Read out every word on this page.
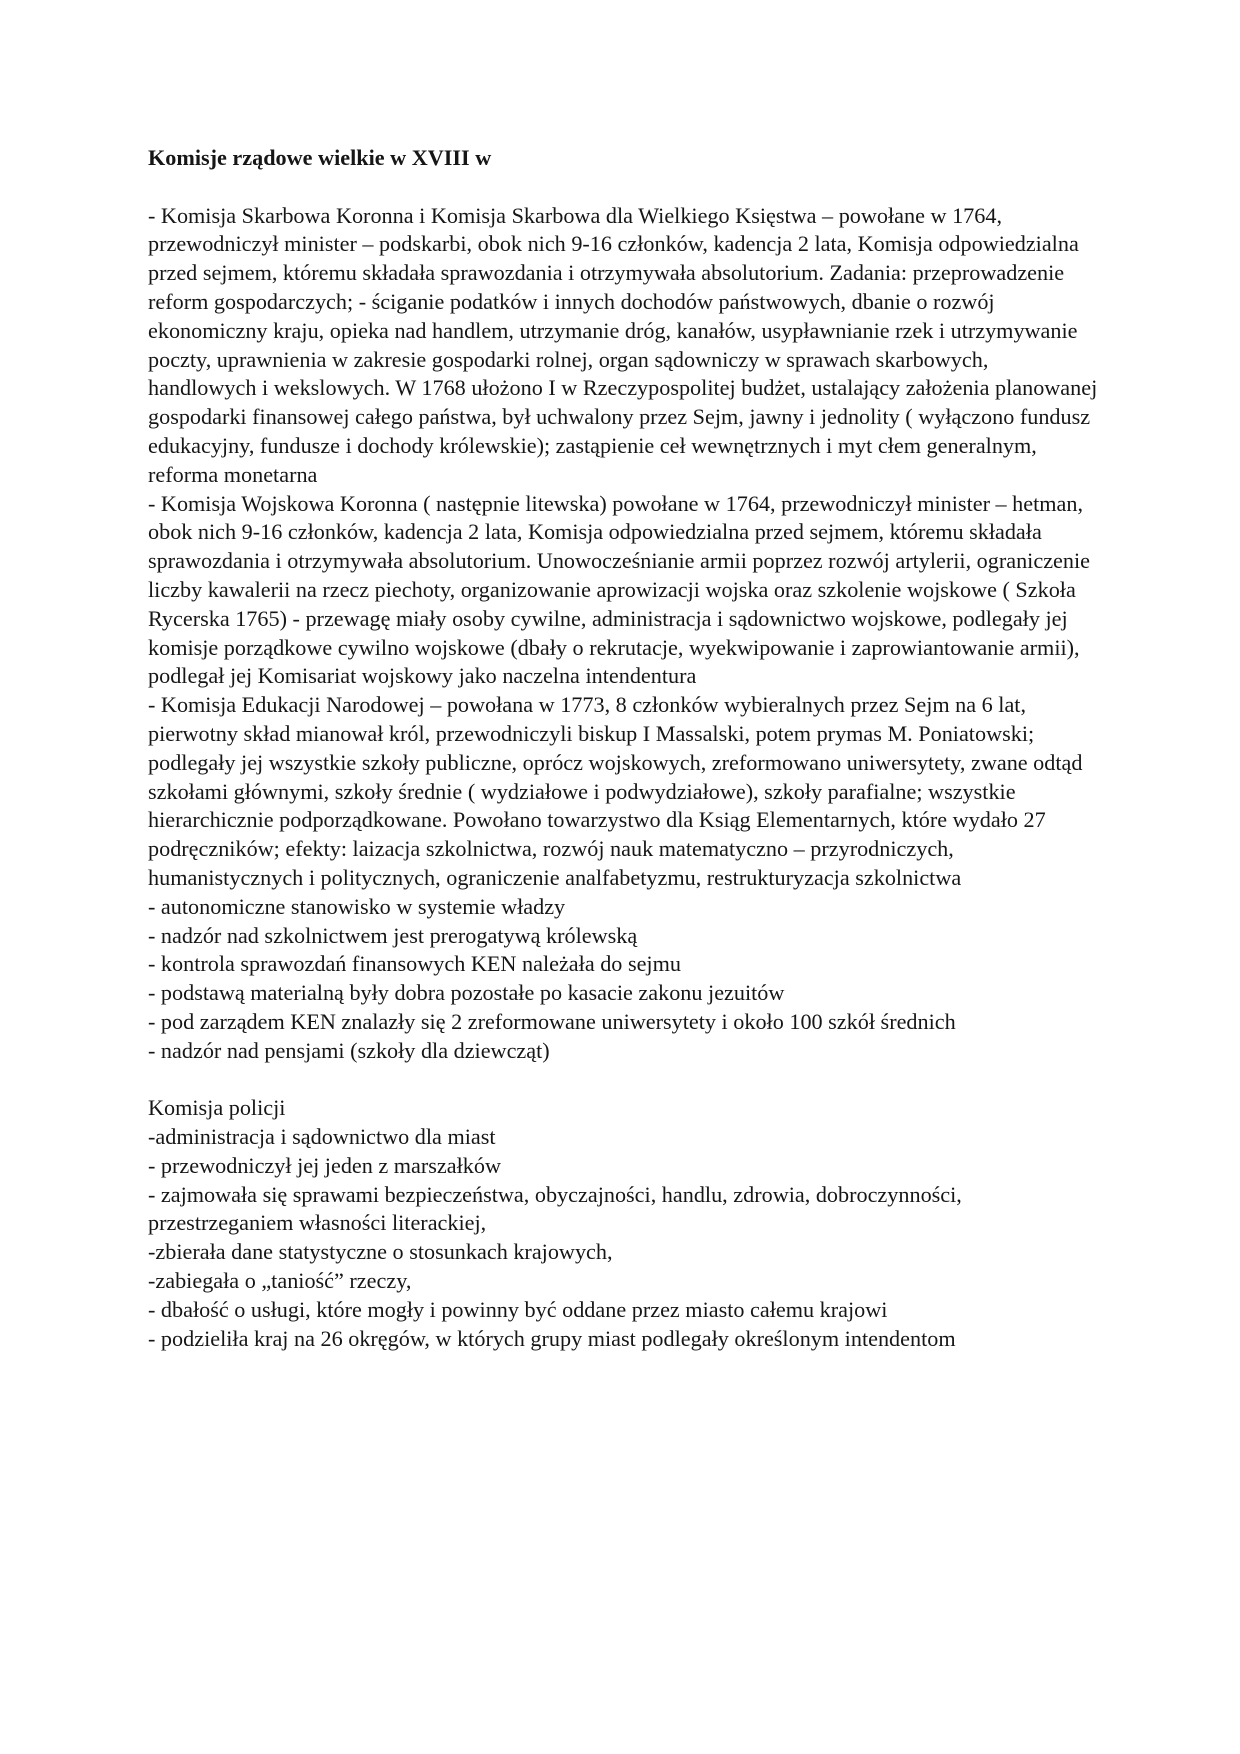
Komisje rządowe wielkie w XVIII w

- Komisja Skarbowa Koronna i Komisja Skarbowa dla Wielkiego Księstwa – powołane w 1764, przewodniczył minister – podskarbi, obok nich 9-16 członków, kadencja 2 lata, Komisja odpowiedzialna przed sejmem, któremu składała sprawozdania i otrzymywała absolutorium. Zadania: przeprowadzenie reform gospodarczych; - ściganie podatków i innych dochodów państwowych, dbanie o rozwój ekonomiczny kraju, opieka nad handlem, utrzymanie dróg, kanałów, usypławnianie rzek i utrzymywanie poczty, uprawnienia w zakresie gospodarki rolnej, organ sądowniczy w sprawach skarbowych, handlowych i wekslowych. W 1768 ułożono I w Rzeczypospolitej budżet, ustalający założenia planowanej gospodarki finansowej całego państwa, był uchwalony przez Sejm, jawny i jednolity ( wyłączono fundusz edukacyjny, fundusze i dochody królewskie); zastąpienie ceł wewnętrznych i myt cłem generalnym, reforma monetarna

- Komisja Wojskowa Koronna ( następnie litewska) powołane w 1764, przewodniczył minister – hetman, obok nich 9-16 członków, kadencja 2 lata, Komisja odpowiedzialna przed sejmem, któremu składała sprawozdania i otrzymywała absolutorium. Unowocześnianie armii poprzez rozwój artylerii, ograniczenie liczby kawalerii na rzecz piechoty, organizowanie aprowizacji wojska oraz szkolenie wojskowe ( Szkoła Rycerska 1765) - przewagę miały osoby cywilne, administracja i sądownictwo wojskowe, podlegały jej komisje porządkowe cywilno wojskowe (dbały o rekrutacje, wyekwipowanie i zaprowiantowanie armii), podlegał jej Komisariat wojskowy jako naczelna intendentura

- Komisja Edukacji Narodowej – powołana w 1773, 8 członków wybieralnych przez Sejm na 6 lat, pierwotny skład mianował król, przewodniczyli biskup I Massalski, potem prymas M. Poniatowski; podlegały jej wszystkie szkoły publiczne, oprócz wojskowych, zreformowano uniwersytety, zwane odtąd szkołami głównymi, szkoły średnie ( wydziałowe i podwydziałowe), szkoły parafialne; wszystkie hierarchicznie podporządkowane. Powołano towarzystwo dla Ksiąg Elementarnych, które wydało 27 podręczników; efekty: laizacja szkolnictwa, rozwój nauk matematyczno – przyrodniczych, humanistycznych i politycznych, ograniczenie analfabetyzmu, restrukturyzacja szkolnictwa

- autonomiczne stanowisko w systemie władzy

- nadzór nad szkolnictwem jest prerogatywą królewską

- kontrola sprawozdań finansowych KEN należała do sejmu

- podstawą materialną były dobra pozostałe po kasacie zakonu jezuitów

- pod zarządem KEN znalazły się 2 zreformowane uniwersytety i około 100 szkół średnich

- nadzór nad pensjami (szkoły dla dziewcząt)

Komisja policji

-administracja i sądownictwo dla miast

- przewodniczył jej jeden z marszałków

- zajmowała się sprawami bezpieczeństwa, obyczajności, handlu, zdrowia, dobroczynności, przestrzeganiem własności literackiej,

-zbierała dane statystyczne o stosunkach krajowych,

-zabiegała o „taniość” rzeczy,

- dbałość o usługi, które mogły i powinny być oddane przez miasto całemu krajowi

- podzieliła kraj na 26 okręgów, w których grupy miast podlegały określonym intendentom
